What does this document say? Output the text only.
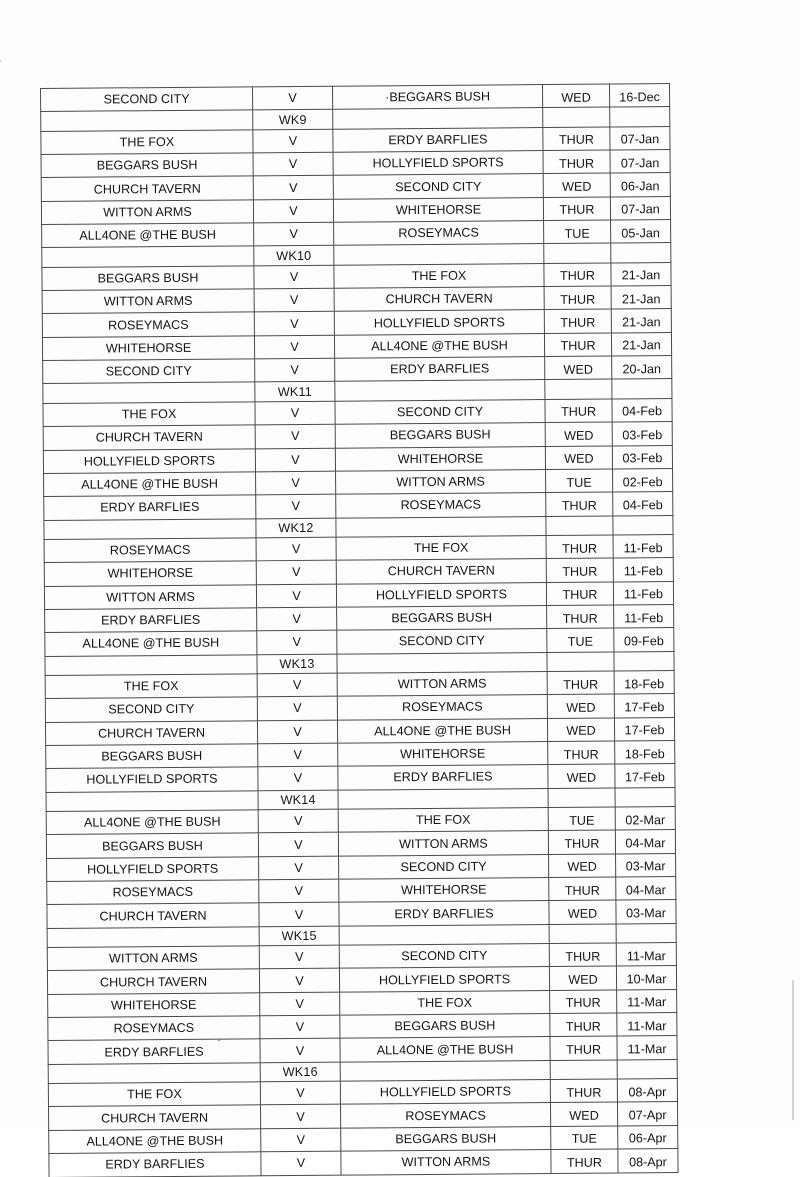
SECOND CITY	V	·BEGGARS BUSH	WED	16-Dec
	WK9			
THE FOX	V	ERDY BARFLIES	THUR	07-Jan
BEGGARS BUSH	V	HOLLYFIELD SPORTS	THUR	07-Jan
CHURCH TAVERN	V	SECOND CITY	WED	06-Jan
WITTON ARMS	V	WHITEHORSE	THUR	07-Jan
ALL4ONE @THE BUSH	V	ROSEYMACS	TUE	05-Jan
	WK10			
BEGGARS BUSH	V	THE FOX	THUR	21-Jan
WITTON ARMS	V	CHURCH TAVERN	THUR	21-Jan
ROSEYMACS	V	HOLLYFIELD SPORTS	THUR	21-Jan
WHITEHORSE	V	ALL4ONE @THE BUSH	THUR	21-Jan
SECOND CITY	V	ERDY BARFLIES	WED	20-Jan
	WK11			
THE FOX	V	SECOND CITY	THUR	04-Feb
CHURCH TAVERN	V	BEGGARS BUSH	WED	03-Feb
HOLLYFIELD SPORTS	V	WHITEHORSE	WED	03-Feb
ALL4ONE @THE BUSH	V	WITTON ARMS	TUE	02-Feb
ERDY BARFLIES	V	ROSEYMACS	THUR	04-Feb
	WK12			
ROSEYMACS	V	THE FOX	THUR	11-Feb
WHITEHORSE	V	CHURCH TAVERN	THUR	11-Feb
WITTON ARMS	V	HOLLYFIELD SPORTS	THUR	11-Feb
ERDY BARFLIES	V	BEGGARS BUSH	THUR	11-Feb
ALL4ONE @THE BUSH	V	SECOND CITY	TUE	09-Feb
	WK13			
THE FOX	V	WITTON ARMS	THUR	18-Feb
SECOND CITY	V	ROSEYMACS	WED	17-Feb
CHURCH TAVERN	V	ALL4ONE @THE BUSH	WED	17-Feb
BEGGARS BUSH	V	WHITEHORSE	THUR	18-Feb
HOLLYFIELD SPORTS	V	ERDY BARFLIES	WED	17-Feb
	WK14			
ALL4ONE @THE BUSH	V	THE FOX	TUE	02-Mar
BEGGARS BUSH	V	WITTON ARMS	THUR	04-Mar
HOLLYFIELD SPORTS	V	SECOND CITY	WED	03-Mar
ROSEYMACS	V	WHITEHORSE	THUR	04-Mar
CHURCH TAVERN	V	ERDY BARFLIES	WED	03-Mar
	WK15			
WITTON ARMS	V	SECOND CITY	THUR	11-Mar
CHURCH TAVERN	V	HOLLYFIELD SPORTS	WED	10-Mar
WHITEHORSE	V	THE FOX	THUR	11-Mar
ROSEYMACS	V	BEGGARS BUSH	THUR	11-Mar
ERDY BARFLIES	V	ALL4ONE @THE BUSH	THUR	11-Mar
	WK16			
THE FOX	V	HOLLYFIELD SPORTS	THUR	08-Apr
CHURCH TAVERN	V	ROSEYMACS	WED	07-Apr
ALL4ONE @THE BUSH	V	BEGGARS BUSH	TUE	06-Apr
ERDY BARFLIES	V	WITTON ARMS	THUR	08-Apr
